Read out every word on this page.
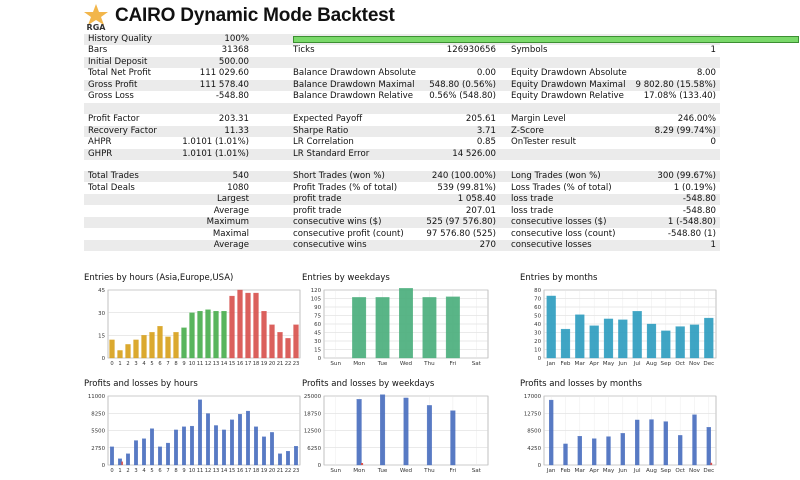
RGA
CAIRO Dynamic Mode Backtest
History Quality	100%
Bars	31368	Ticks	126930656 Symbols	1
Initial Deposit	500.00
Total Net Profit	111 029.60	Balance Drawdown Absolute	0.00 Equity Drawdown Absolute	8.00
Gross Profit	111 578.40	Balance Drawdown Maximal 548.80 (0.56%) Equity Drawdown Maximal 9 802.80 (15.58%)
Gross Loss	-548.80	Balance Drawdown Relative 0.56% (548.80) Equity Drawdown Relative 17.08% (133.40)
Profit Factor	203.31	Expected Payoff	205.61 Margin Level	246.00%
Recovery Factor	11.33	Sharpe Ratio	3.71 Z-Score	8.29 (99.74%)
AHPR	1.0101 (1.01%)	LR Correlation	0.85 OnTester result	0
GHPR	1.0101 (1.01%)	LR Standard Error	14 526.00
Total Trades	540	Short Trades (won %)	240 (100.00%) Long Trades (won %)	300 (99.67%)
Total Deals	1080	Profit Trades (% of total)	539 (99.81%) Loss Trades (% of total)	1 (0.19%)
Largest	profit trade	1 058.40 loss trade	-548.80
Average	profit trade	207.01 loss trade	-548.80
Maximum	consecutive wins ($)	525 (97 576.80) consecutive losses ($)	1 (-548.80)
Maximal	consecutive profit (count)	97 576.80 (525) consecutive loss (count)	-548.80 (1)
Average	consecutive wins	270 consecutive losses	1
Entries by hours (Asia,Europe,USA)
45
30
15
0
0 1 2 3 4 5 6 7 8 9 10 11 12 13 14 15 16 17 18 19 20 21 22 23
Entries by weekdays
120
105
90
75
60
45
30
15
0
Sun Mon Tue Wed Thu	Fri	Sat
Entries by months
80
70
60
50
40
30
20
10
0
Jan Feb Mar Apr May Jun Jul Aug Sep Oct Nov Dec
Profits and losses by hours
11000
8250
5500
2750
0
0 1 2 3 4 5 6 7 8 9 10 11 12 13 14 15 16 17 18 19 20 21 22 23
Profits and losses by weekdays
25000
18750
12500
6250
0
Sun Mon Tue Wed Thu	Fri	Sat
Profits and losses by months
17000
12750
8500
4250
0
Jan Feb Mar Apr May Jun Jul Aug Sep Oct Nov Dec
